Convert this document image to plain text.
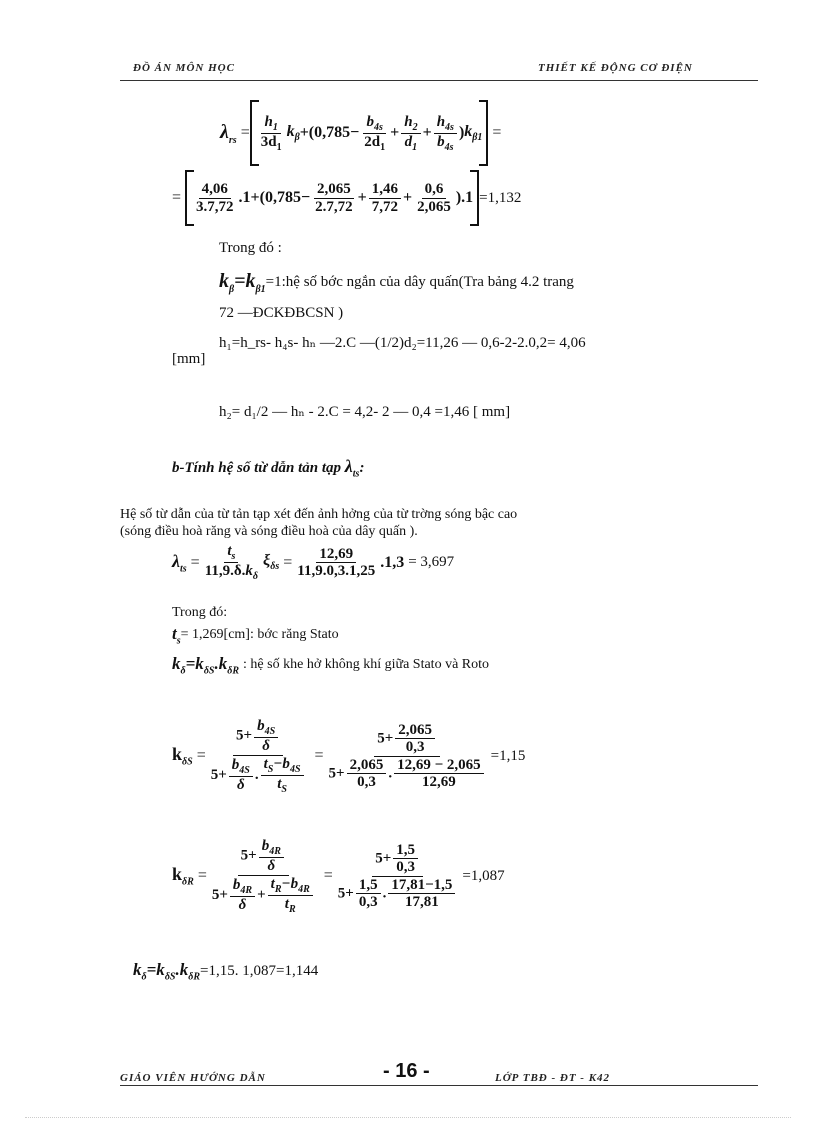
ĐỒ ÁN MÔN HỌC	THIẾT KẾ ĐỘNG CƠ ĐIỆN
$\lambda_{rs} = \frac{h_1}{3d_1} k_\beta +(0,785- \frac{b_{4s}}{2d_1} + \frac{h_2}{d_1} + \frac{h_{4s}}{b_{4s}}$ ) $k_{\beta 1}$ =
= $\frac{4,06}{3.7,72} .1+(0,785- \frac{2,065}{2.7,72} + \frac{1,46}{7,72} + \frac{0,6}{2,065} ).1 =1,132$
Trong đó :
$k_\beta=k_{\beta 1}$ =1:hệ số bớc ngắn của dây quấn(Tra bảng 4.2 trang
72 —ĐCKĐBCSN )
h₁=h_rs- h₄s- hₙ —2.C —(1/2)d₂=11,26 — 0,6-2-2.0,2= 4,06
[mm]
h₂= d₁/2 — hₙ - 2.C = 4,2- 2 — 0,4 =1,46 [ mm]
b-Tính hệ số từ dẫn tản tạp $\lambda_{ts}$:
Hệ số từ dẫn của từ tản tạp xét đến ảnh hởng của từ trờng sóng bậc cao
(sóng điều hoà răng và sóng điều hoà của dây quấn ).
$\lambda_{ts} = \frac{t_s}{11,9.\delta.k_\delta} \xi_{\delta s} = \frac{12,69}{11,9.0,3.1,25} .1,3 = 3,697$
Trong đó:
$t_s = 1,269[cm]$: bớc răng Stato
$k_\delta=k_{\delta S}.k_{\delta R}$ : hệ số khe hở không khí giữa Stato và Roto
$k_{\delta S} = \frac{5+ \frac{b_{4S}}{\delta}}{5+ \frac{b_{4S}}{\delta} . \frac{t_S-b_{4S}}{t_S}} = \frac{5+ \frac{2,065}{0,3}}{5+ \frac{2,065}{0,3} . \frac{12,69 - 2,065}{12,69}} =1,15$
$k_{\delta R} = \frac{5+ \frac{b_{4R}}{\delta}}{5+ \frac{b_{4R}}{\delta} + \frac{t_R-b_{4R}}{t_R}} = \frac{5+ \frac{1,5}{0,3}}{5+ \frac{1,5}{0,3} . \frac{17,81-1,5}{17,81}} =1,087$
$k_\delta=k_{\delta S}.k_{\delta R} =1,15$. 1,087=1,144
GIÁO VIÊN HƯỚNG DẪN	- 16 -	LỚP TBĐ - ĐT - K42
